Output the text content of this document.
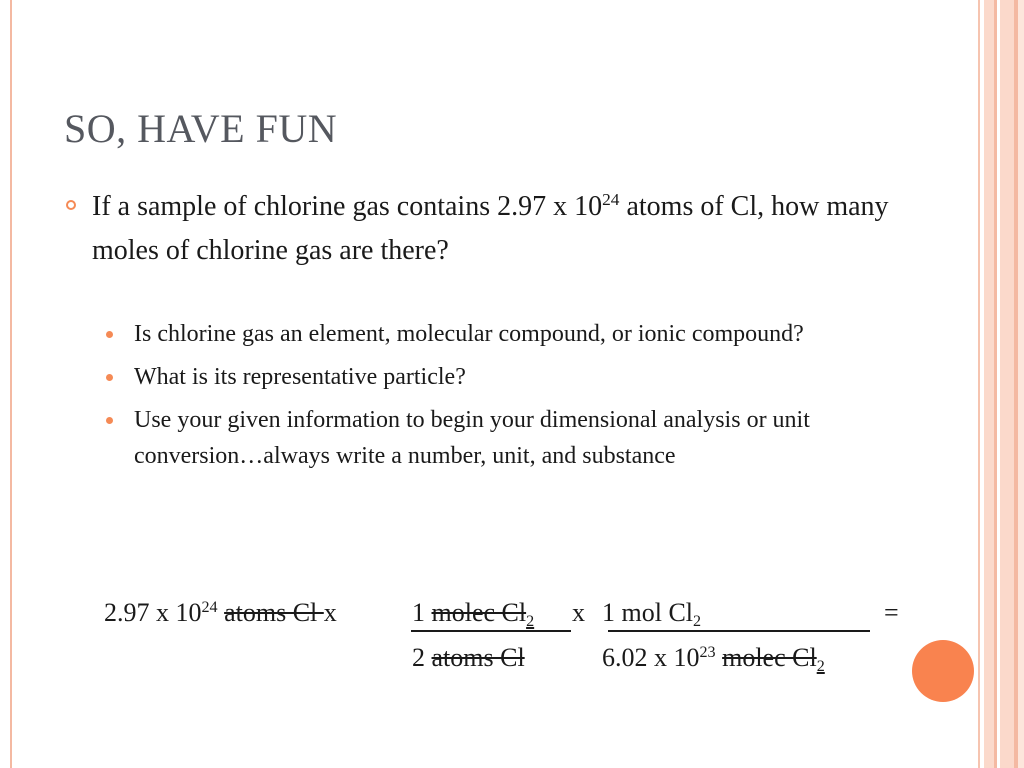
SO, HAVE FUN
If a sample of chlorine gas contains 2.97 x $10^{24}$ atoms of Cl, how many moles of chlorine gas are there?
Is chlorine gas an element, molecular compound, or ionic compound?
What is its representative particle?
Use your given information to begin your dimensional analysis or unit conversion…always write a number, unit, and substance
2.97 x $10^{24}$ atoms Cl x	1 molec $Cl_2$ x 1 mol $Cl_2$	=
2 atoms Cl	6.02 x $10^{23}$ molec $Cl_2$
